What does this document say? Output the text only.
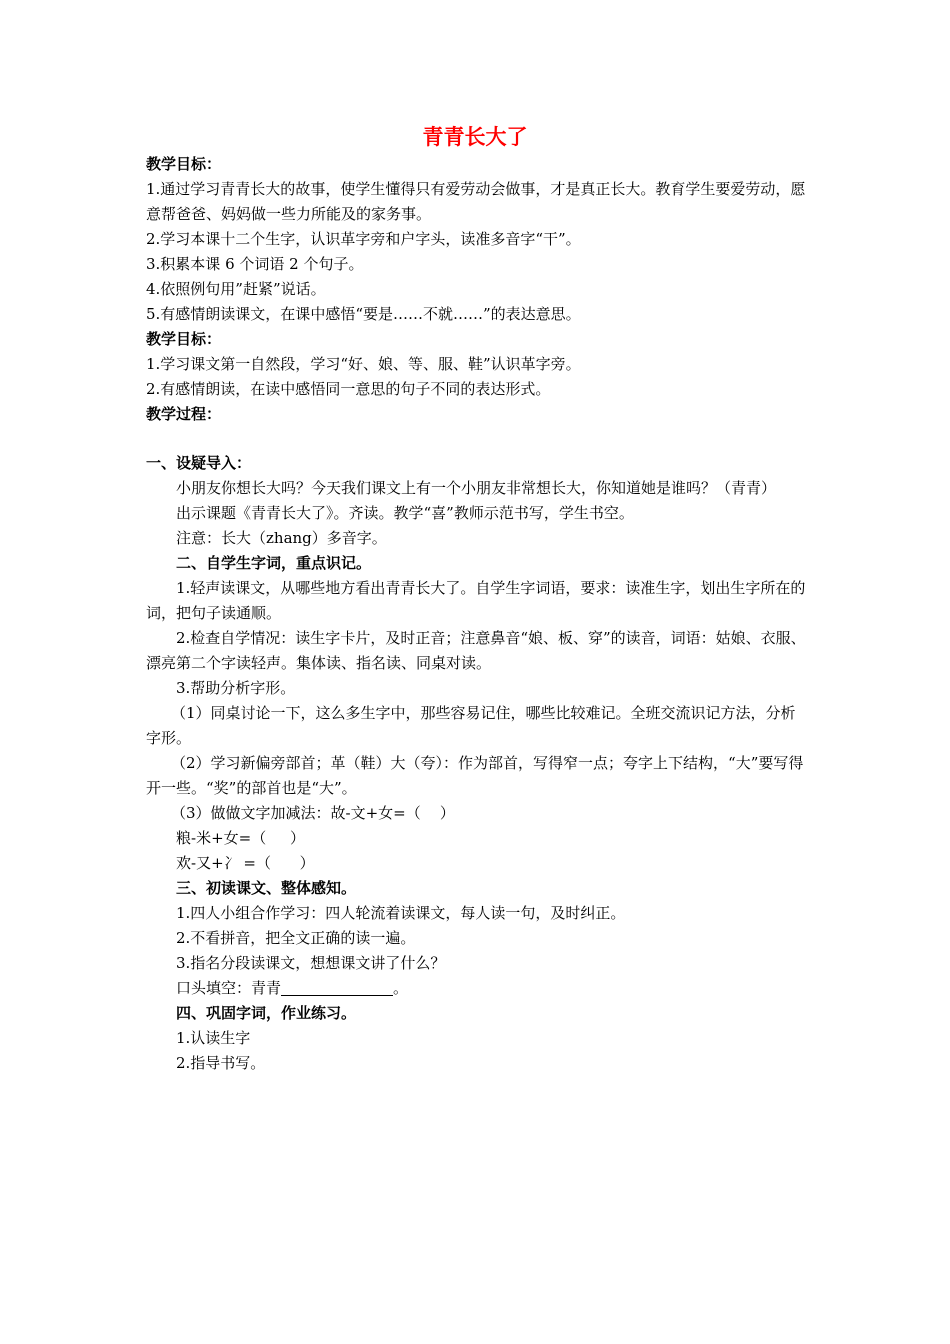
青青长大了

教学目标：

1.通过学习青青长大的故事，使学生懂得只有爱劳动会做事，才是真正长大。教育学生要爱劳动，愿意帮爸爸、妈妈做一些力所能及的家务事。

2.学习本课十二个生字，认识革字旁和户字头，读准多音字“干”。

3.积累本课 6 个词语 2 个句子。

4.依照例句用”赶紧”说话。

5.有感情朗读课文，在课中感悟“要是……不就……”的表达意思。

教学目标：

1.学习课文第一自然段，学习“好、娘、等、服、鞋”认识革字旁。

2.有感情朗读，在读中感悟同一意思的句子不同的表达形式。

教学过程：

一、设疑导入：

小朋友你想长大吗？今天我们课文上有一个小朋友非常想长大，你知道她是谁吗？（青青）

出示课题《青青长大了》。齐读。教学“喜”教师示范书写，学生书空。

注意：长大（zhang）多音字。

二、自学生字词，重点识记。

1.轻声读课文，从哪些地方看出青青长大了。自学生字词语，要求：读准生字，划出生字所在的词，把句子读通顺。

2.检查自学情况：读生字卡片，及时正音；注意鼻音“娘、板、穿”的读音，词语：姑娘、衣服、漂亮第二个字读轻声。集体读、指名读、同桌对读。

3.帮助分析字形。

（1）同桌讨论一下，这么多生字中，那些容易记住，哪些比较难记。全班交流识记方法，分析字形。

（2）学习新偏旁部首；革（鞋）大（夸）：作为部首，写得窄一点；夸字上下结构，“大”要写得开一些。“奖”的部首也是“大”。

（3）做做文字加减法：故-文+女=（    ）

粮-米+女=（     ）

欢-又+冫 =（      ）

三、初读课文、整体感知。

1.四人小组合作学习：四人轮流着读课文，每人读一句，及时纠正。

2.不看拼音，把全文正确的读一遍。

3.指名分段读课文，想想课文讲了什么？

口头填空：青青	。

四、巩固字词，作业练习。

1.认读生字

2.指导书写。
